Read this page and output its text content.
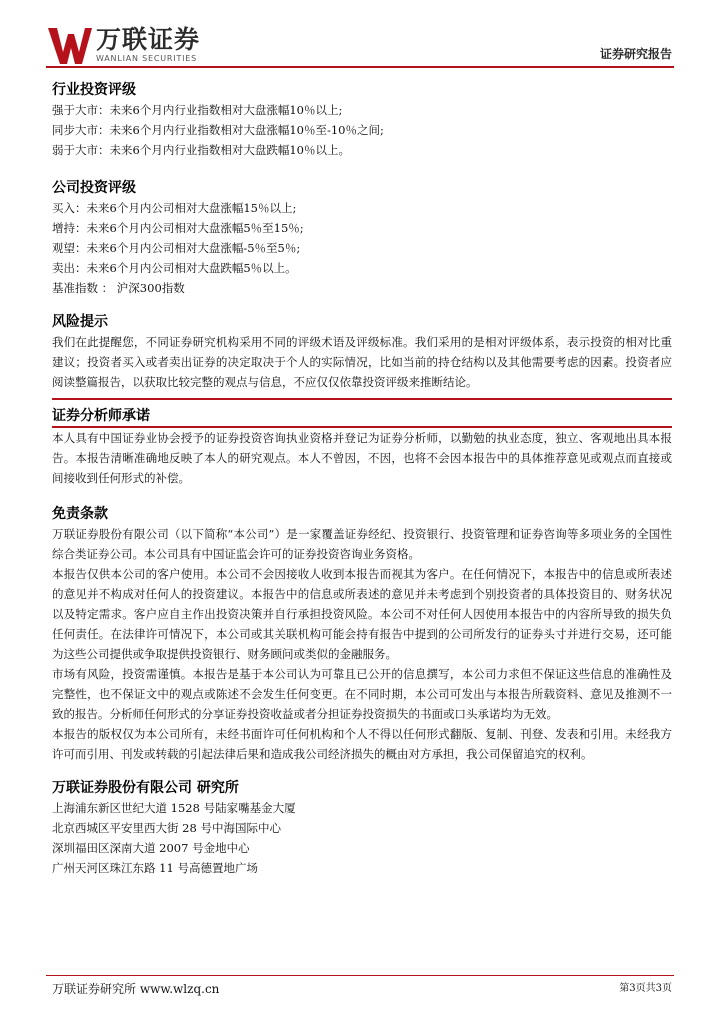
万联证券
WANLIAN SECURITIES	证券研究报告
行业投资评级
强于大市：未来6个月内行业指数相对大盘涨幅10％以上;
同步大市：未来6个月内行业指数相对大盘涨幅10％至-10％之间;
弱于大市：未来6个月内行业指数相对大盘跌幅10％以上。
公司投资评级
买入：未来6个月内公司相对大盘涨幅15％以上;
增持：未来6个月内公司相对大盘涨幅5％至15％;
观望：未来6个月内公司相对大盘涨幅-5％至5％;
卖出：未来6个月内公司相对大盘跌幅5％以上。
基准指数 ： 沪深300指数
风险提示
我们在此提醒您，不同证券研究机构采用不同的评级术语及评级标准。我们采用的是相对评级体系，表示投资的相对比重建议；投资者买入或者卖出证券的决定取决于个人的实际情况，比如当前的持仓结构以及其他需要考虑的因素。投资者应阅读整篇报告，以获取比较完整的观点与信息，不应仅仅依靠投资评级来推断结论。
证券分析师承诺
本人具有中国证券业协会授予的证券投资咨询执业资格并登记为证券分析师，以勤勉的执业态度，独立、客观地出具本报告。本报告清晰准确地反映了本人的研究观点。本人不曾因，不因，也将不会因本报告中的具体推荐意见或观点而直接或间接收到任何形式的补偿。
免责条款
万联证券股份有限公司（以下简称“本公司”）是一家覆盖证券经纪、投资银行、投资管理和证券咨询等多项业务的全国性综合类证券公司。本公司具有中国证监会许可的证券投资咨询业务资格。
本报告仅供本公司的客户使用。本公司不会因接收人收到本报告而视其为客户。在任何情况下，本报告中的信息或所表述的意见并不构成对任何人的投资建议。本报告中的信息或所表述的意见并未考虑到个别投资者的具体投资目的、财务状况以及特定需求。客户应自主作出投资决策并自行承担投资风险。本公司不对任何人因使用本报告中的内容所导致的损失负任何责任。在法律许可情况下，本公司或其关联机构可能会持有报告中提到的公司所发行的证券头寸并进行交易，还可能为这些公司提供或争取提供投资银行、财务顾问或类似的金融服务。
市场有风险，投资需谨慎。本报告是基于本公司认为可靠且已公开的信息撰写，本公司力求但不保证这些信息的准确性及完整性，也不保证文中的观点或陈述不会发生任何变更。在不同时期，本公司可发出与本报告所载资料、意见及推测不一致的报告。分析师任何形式的分享证券投资收益或者分担证券投资损失的书面或口头承诺均为无效。
本报告的版权仅为本公司所有，未经书面许可任何机构和个人不得以任何形式翻版、复制、刊登、发表和引用。未经我方许可而引用、刊发或转载的引起法律后果和造成我公司经济损失的概由对方承担，我公司保留追究的权利。
万联证券股份有限公司 研究所
上海浦东新区世纪大道 1528 号陆家嘴基金大厦
北京西城区平安里西大街 28 号中海国际中心
深圳福田区深南大道 2007 号金地中心
广州天河区珠江东路 11 号高德置地广场
万联证券研究所 www.wlzq.cn	第3页共3页
